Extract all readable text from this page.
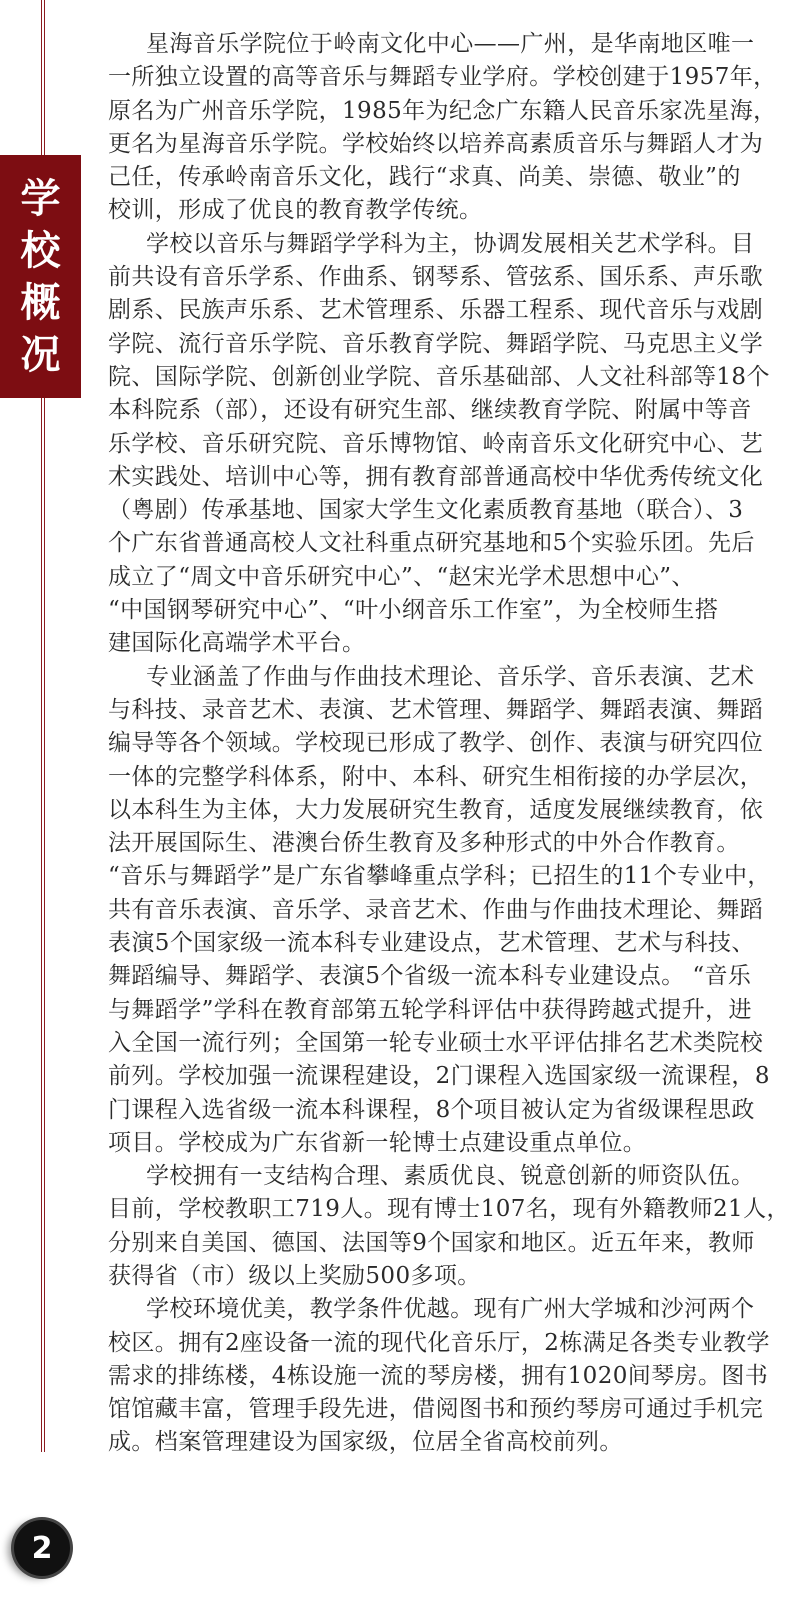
学
校
概
况
星海音乐学院位于岭南文化中心——广州，是华南地区唯一
一所独立设置的高等音乐与舞蹈专业学府。学校创建于1957年，
原名为广州音乐学院，1985年为纪念广东籍人民音乐家冼星海，
更名为星海音乐学院。学校始终以培养高素质音乐与舞蹈人才为
己任，传承岭南音乐文化，践行“求真、尚美、崇德、敬业”的
校训，形成了优良的教育教学传统。
学校以音乐与舞蹈学学科为主，协调发展相关艺术学科。目
前共设有音乐学系、作曲系、钢琴系、管弦系、国乐系、声乐歌
剧系、民族声乐系、艺术管理系、乐器工程系、现代音乐与戏剧
学院、流行音乐学院、音乐教育学院、舞蹈学院、马克思主义学
院、国际学院、创新创业学院、音乐基础部、人文社科部等18个
本科院系（部），还设有研究生部、继续教育学院、附属中等音
乐学校、音乐研究院、音乐博物馆、岭南音乐文化研究中心、艺
术实践处、培训中心等，拥有教育部普通高校中华优秀传统文化
（粤剧）传承基地、国家大学生文化素质教育基地（联合）、3
个广东省普通高校人文社科重点研究基地和5个实验乐团。先后
成立了“周文中音乐研究中心”、“赵宋光学术思想中心”、
“中国钢琴研究中心”、“叶小纲音乐工作室”，为全校师生搭
建国际化高端学术平台。
专业涵盖了作曲与作曲技术理论、音乐学、音乐表演、艺术
与科技、录音艺术、表演、艺术管理、舞蹈学、舞蹈表演、舞蹈
编导等各个领域。学校现已形成了教学、创作、表演与研究四位
一体的完整学科体系，附中、本科、研究生相衔接的办学层次，
以本科生为主体，大力发展研究生教育，适度发展继续教育，依
法开展国际生、港澳台侨生教育及多种形式的中外合作教育。
“音乐与舞蹈学”是广东省攀峰重点学科；已招生的11个专业中，
共有音乐表演、音乐学、录音艺术、作曲与作曲技术理论、舞蹈
表演5个国家级一流本科专业建设点，艺术管理、艺术与科技、
舞蹈编导、舞蹈学、表演5个省级一流本科专业建设点。 “音乐
与舞蹈学”学科在教育部第五轮学科评估中获得跨越式提升，进
入全国一流行列；全国第一轮专业硕士水平评估排名艺术类院校
前列。学校加强一流课程建设，2门课程入选国家级一流课程，8
门课程入选省级一流本科课程，8个项目被认定为省级课程思政
项目。学校成为广东省新一轮博士点建设重点单位。
学校拥有一支结构合理、素质优良、锐意创新的师资队伍。
目前，学校教职工719人。现有博士107名，现有外籍教师21人，
分别来自美国、德国、法国等9个国家和地区。近五年来，教师
获得省（市）级以上奖励500多项。
学校环境优美，教学条件优越。现有广州大学城和沙河两个
校区。拥有2座设备一流的现代化音乐厅，2栋满足各类专业教学
需求的排练楼，4栋设施一流的琴房楼，拥有1020间琴房。图书
馆馆藏丰富，管理手段先进，借阅图书和预约琴房可通过手机完
成。档案管理建设为国家级，位居全省高校前列。
2
